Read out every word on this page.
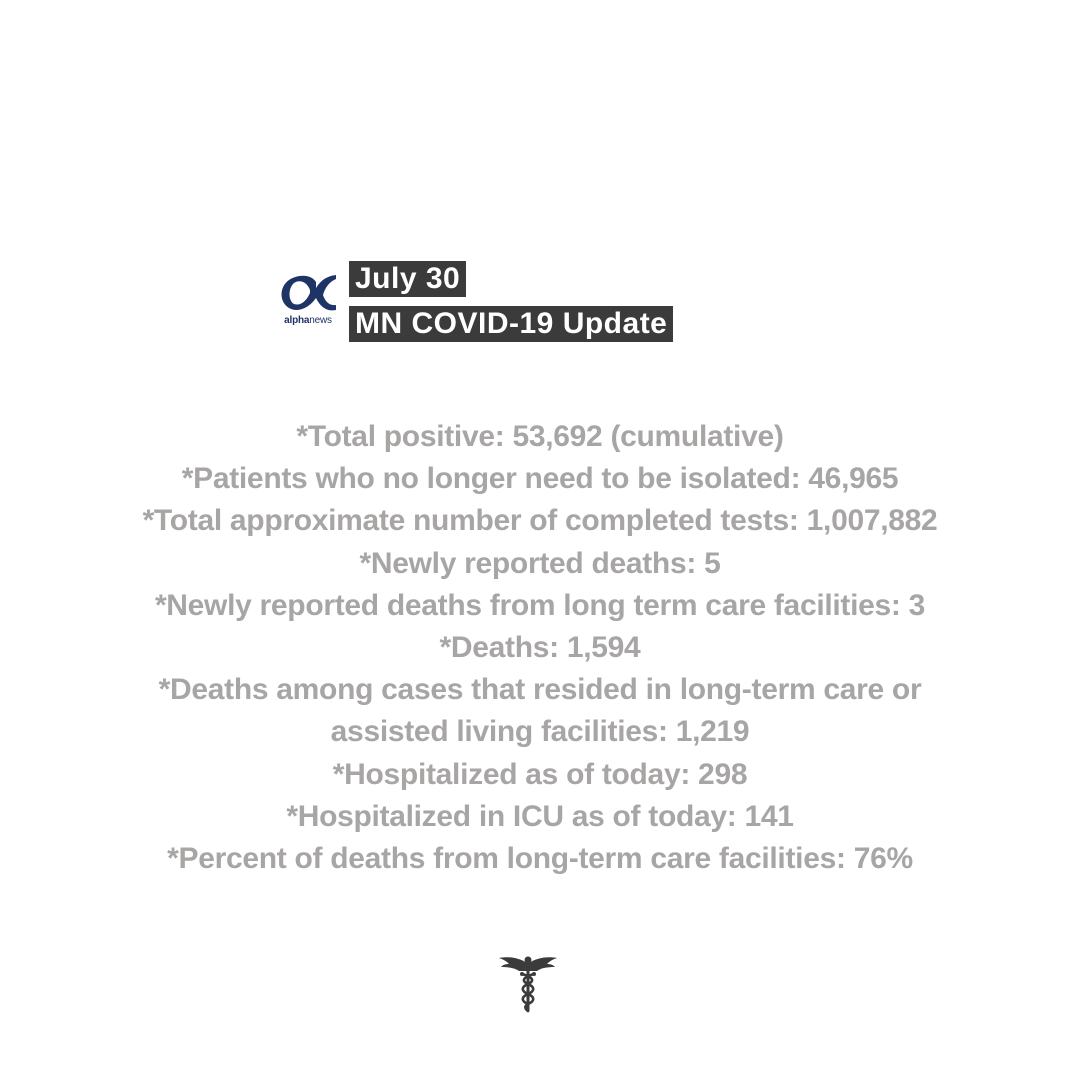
alphanews
July 30
MN COVID-19 Update
*Total positive: 53,692 (cumulative)
*Patients who no longer need to be isolated: 46,965
*Total approximate number of completed tests: 1,007,882
*Newly reported deaths: 5
*Newly reported deaths from long term care facilities: 3
*Deaths: 1,594
*Deaths among cases that resided in long-term care or
assisted living facilities: 1,219
*Hospitalized as of today: 298
*Hospitalized in ICU as of today: 141
*Percent of deaths from long-term care facilities: 76%
